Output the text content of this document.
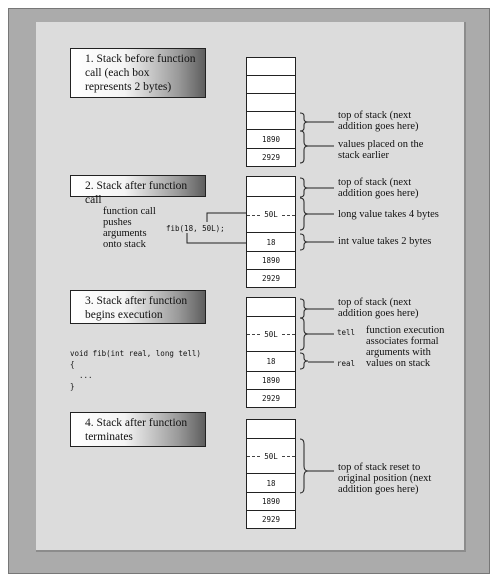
1. Stack before function call (each box represents 2 bytes)
1890
2929
top of stack (next addition goes here)
values placed on the stack earlier
2. Stack after function call
function call pushes arguments onto stack
fib(18, 50L);
50L
18
1890
2929
top of stack (next addition goes here)
long value takes 4 bytes
int value takes 2 bytes
3. Stack after function begins execution
void fib(int real, long tell)
{
...
}
50L
18
1890
2929
top of stack (next addition goes here)
tell
real
function execution associates formal arguments with values on stack
4. Stack after function terminates
50L
18
1890
2929
top of stack reset to original position (next addition goes here)
